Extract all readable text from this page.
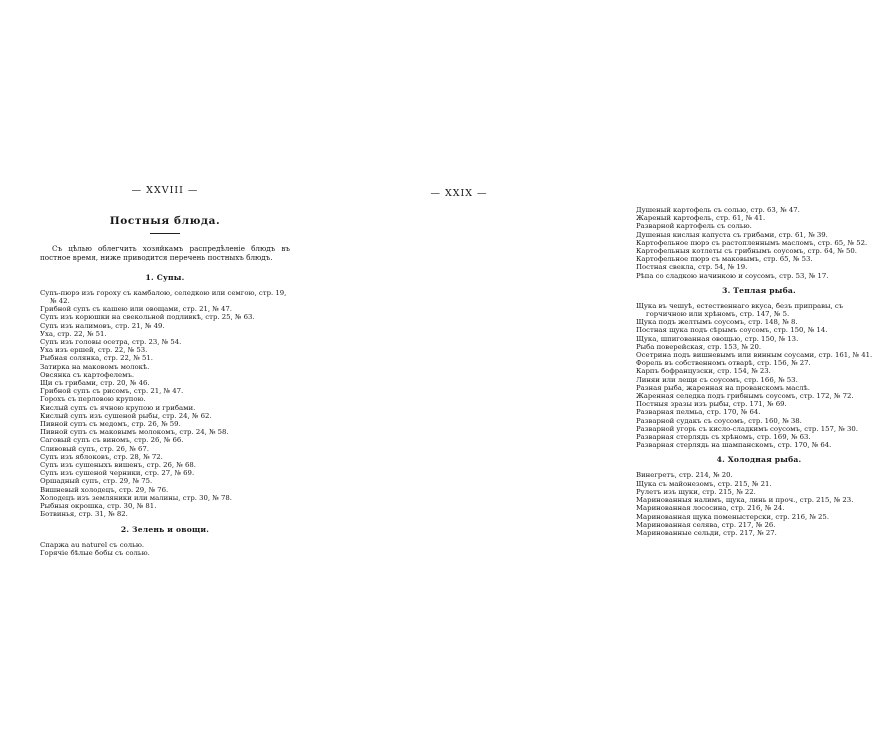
— XXVIII —
Постныя блюда.
Съ цѣлью облегчить хозяйкамъ распредѣленіе блюдъ въ постное время, ниже приводится перечень постныхъ блюдъ.
1. Супы.
Супъ-пюрэ изъ гороху съ камбалою, селедкою или семгою, стр. 19, № 42.
Грибной супъ съ кашею или овощами, стр. 21, № 47.
Супъ изъ корюшки на свекольной подливкѣ, стр. 25, № 63.
Супъ изъ налимовъ, стр. 21, № 49.
Уха, стр. 22, № 51.
Супъ изъ головы осетра, стр. 23, № 54.
Уха изъ ершей, стр. 22, № 53.
Рыбная солянка, стр. 22, № 51.
Затирка на маковомъ молокѣ.
Овсянка съ картофелемъ.
Щи съ грибами, стр. 20, № 46.
Грибной супъ съ рисомъ, стр. 21, № 47.
Горохъ съ перловою крупою.
Кислый супъ съ ячною крупою и грибами.
Кислый супъ изъ сушеной рыбы, стр. 24, № 62.
Пивной супъ съ медомъ, стр. 26, № 59.
Пивной супъ съ маковымъ молокомъ, стр. 24, № 58.
Саговый супъ съ виномъ, стр. 26, № 66.
Сливовый супъ, стр. 26, № 67.
Супъ изъ яблоковъ, стр. 28, № 72.
Супъ изъ сушеныхъ вишенъ, стр. 26, № 68.
Супъ изъ сушеной черники, стр. 27, № 69.
Оршадный супъ, стр. 29, № 75.
Вишневый холодецъ, стр. 29, № 76.
Холодецъ изъ земляники или малины, стр. 30, № 78.
Рыбныя окрошка, стр. 30, № 81.
Ботвинья, стр. 31, № 82.
2. Зелень и овощи.
Спаржа au naturel съ солью.
Горячіе бѣлые бобы съ солью.
— XXIX —
Душеный картофель съ солью, стр. 63, № 47.
Жареный картофель, стр. 61, № 41.
Разварной картофель съ солью.
Душеныя кислыя капуста съ грибами, стр. 61, № 39.
Картофельное пюрэ съ растопленнымъ масломъ, стр. 65, № 52.
Картофельныя котлеты съ грибнымъ соусомъ, стр. 64, № 50.
Картофельное пюрэ съ маковымъ, стр. 65, № 53.
Постная свекла, стр. 54, № 19.
Рѣпа со сладкою начинкою и соусомъ, стр. 53, № 17.
3. Теплая рыба.
Щука въ чешуѣ, естественнаго вкуса, безъ приправы, съ горчичною или хрѣномъ, стр. 147, № 5.
Щука подъ желтымъ соусомъ, стр. 148, № 8.
Постная щука подъ сѣрымъ соусомъ, стр. 150, № 14.
Щука, шпигованная овощью, стр. 150, № 13.
Рыба поверейская, стр. 153, № 20.
Осетрина подъ вишневымъ или винным соусами, стр. 161, № 41.
Форель въ собственномъ отварѣ, стр. 156, № 27.
Карпъ бофранцузски, стр. 154, № 23.
Линяи или лещи съ соусомъ, стр. 166, № 53.
Разная рыба, жаренная на прованскомъ маслѣ.
Жаренная селедка подъ грибнымъ соусомъ, стр. 172, № 72.
Постныя зразы изъ рыбы, стр. 171, № 69.
Разварная пелмьа, стр. 170, № 64.
Разварной судакъ съ соусомъ, стр. 160, № 38.
Разварной угорь съ кисло-сладкимъ соусомъ, стр. 157, № 30.
Разварная стерлядь съ хрѣномъ, стр. 169, № 63.
Разварная стерлядь на шампанскомъ, стр. 170, № 64.
4. Холодная рыба.
Винегретъ, стр. 214, № 20.
Щука съ майонезомъ, стр. 215, № 21.
Рулетъ изъ щуки, стр. 215, № 22.
Маринованныя налимъ, щука, линь и проч., стр. 215, № 23.
Маринованная лососина, стр. 216, № 24.
Маринованная щука поменыстерски, стр. 216, № 25.
Маринованная селява, стр. 217, № 26.
Маринованные сельди, стр. 217, № 27.
